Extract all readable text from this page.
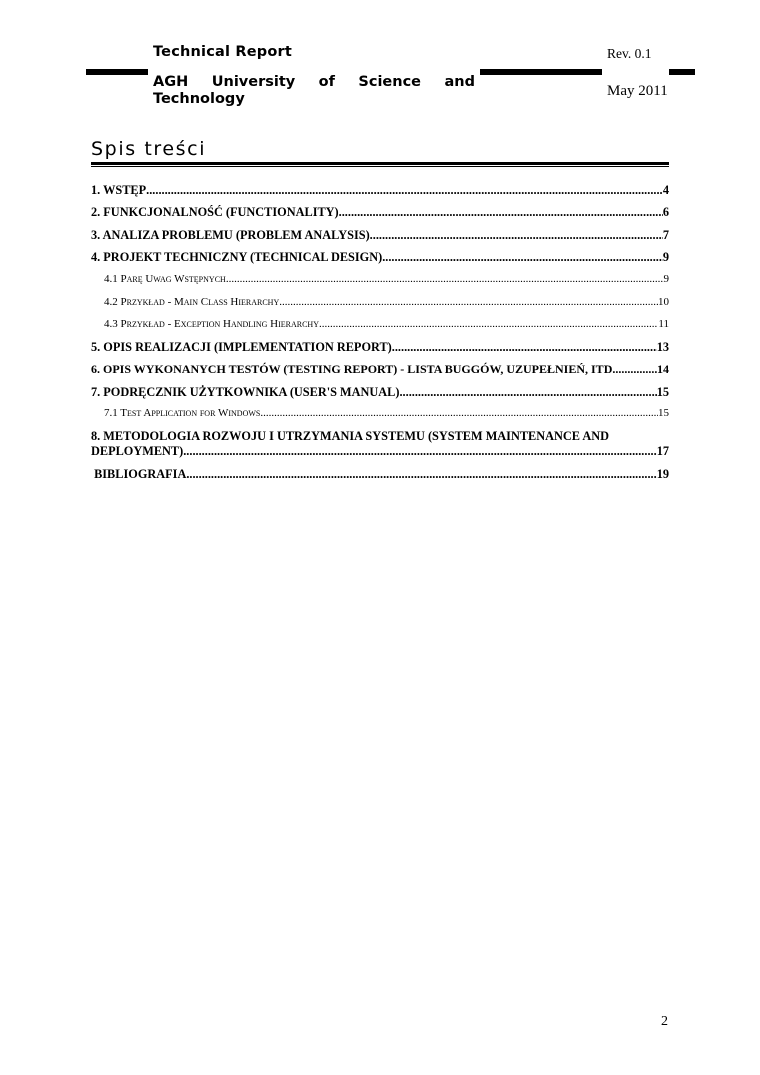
Technical Report	Rev. 0.1
AGH University of Science and
Technology	May 2011
Spis treści
1. WSTĘP .....	4
2. FUNKCJONALNOŚĆ (FUNCTIONALITY) .....	6
3. ANALIZA PROBLEMU (PROBLEM ANALYSIS) .....	7
4. PROJEKT TECHNICZNY (TECHNICAL DESIGN) .....	9
4.1 Parę Uwag Wstępnych .....	9
4.2 Przykład - Main Class Hierarchy .....	10
4.3 Przykład - Exception Handling Hierarchy .....	11
5. OPIS REALIZACJI (IMPLEMENTATION REPORT) .....	13
6. OPIS WYKONANYCH TESTÓW (TESTING REPORT) - LISTA BUGGÓW, UZUPEŁNIEŃ, ITD. .....	14
7. PODRĘCZNIK UŻYTKOWNIKA (USER'S MANUAL) .....	15
7.1 Test Application for Windows .....	15
8. METODOLOGIA ROZWOJU I UTRZYMANIA SYSTEMU (SYSTEM MAINTENANCE AND
DEPLOYMENT) .....	17
BIBLIOGRAFIA .....	19
2
